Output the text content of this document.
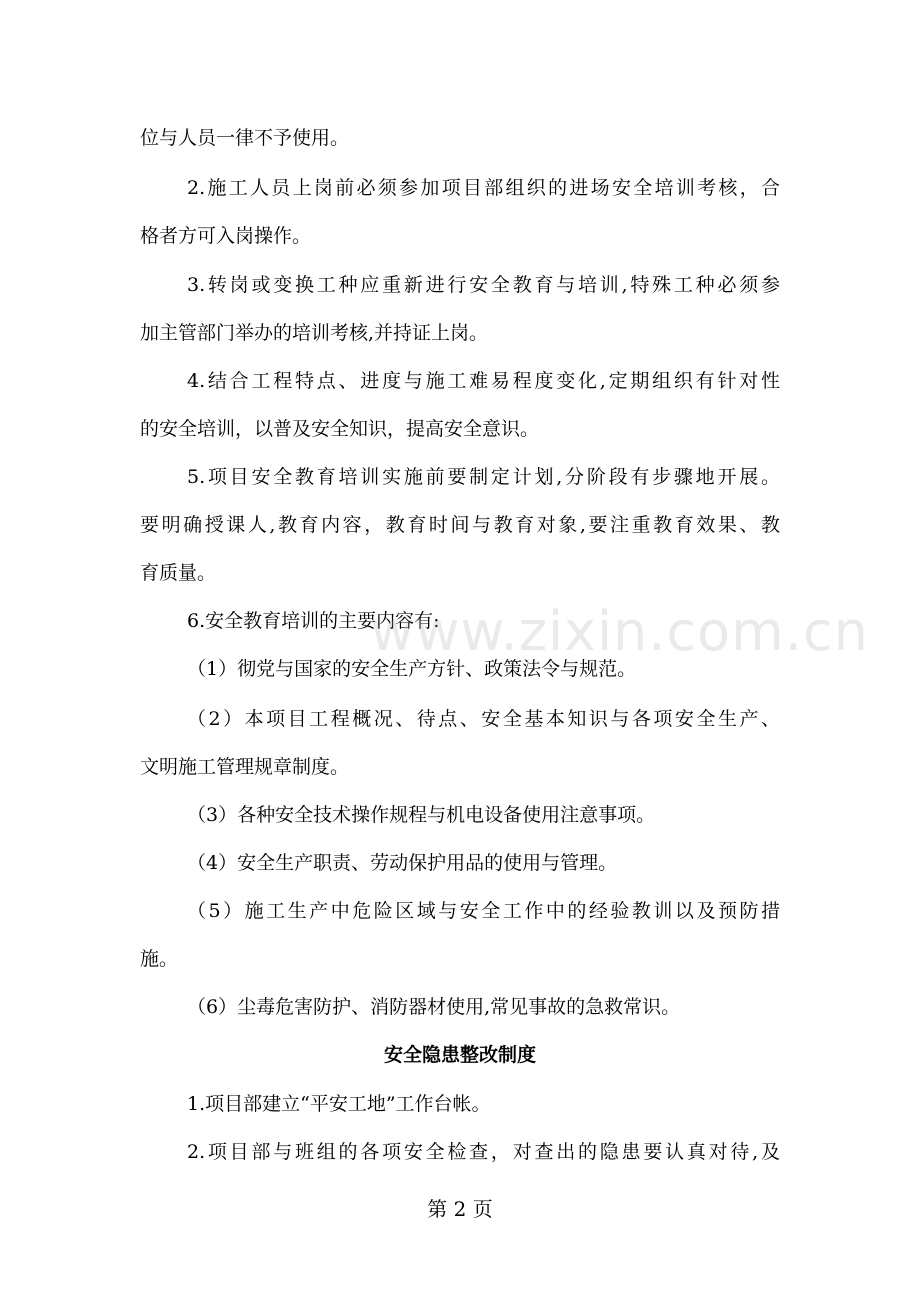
位与人员一律不予使用。
2.施工人员上岗前必须参加项目部组织的进场安全培训考核，合
格者方可入岗操作。
3.转岗或变换工种应重新进行安全教育与培训,特殊工种必须参
加主管部门举办的培训考核,并持证上岗。
4.结合工程特点、进度与施工难易程度变化,定期组织有针对性
的安全培训，以普及安全知识，提高安全意识。
5.项目安全教育培训实施前要制定计划,分阶段有步骤地开展。
要明确授课人,教育内容，教育时间与教育对象,要注重教育效果、教
育质量。
6.安全教育培训的主要内容有:
（1）彻党与国家的安全生产方针、政策法令与规范。
（2）本项目工程概况、待点、安全基本知识与各项安全生产、
文明施工管理规章制度。
（3）各种安全技术操作规程与机电设备使用注意事项。
（4）安全生产职责、劳动保护用品的使用与管理。
（5）施工生产中危险区域与安全工作中的经验教训以及预防措
施。
（6）尘毒危害防护、消防器材使用,常见事故的急救常识。
安全隐患整改制度
1.项目部建立“平安工地”工作台帐。
2.项目部与班组的各项安全检查，对查出的隐患要认真对待,及
www.zixin.com.cn
第 2 页
